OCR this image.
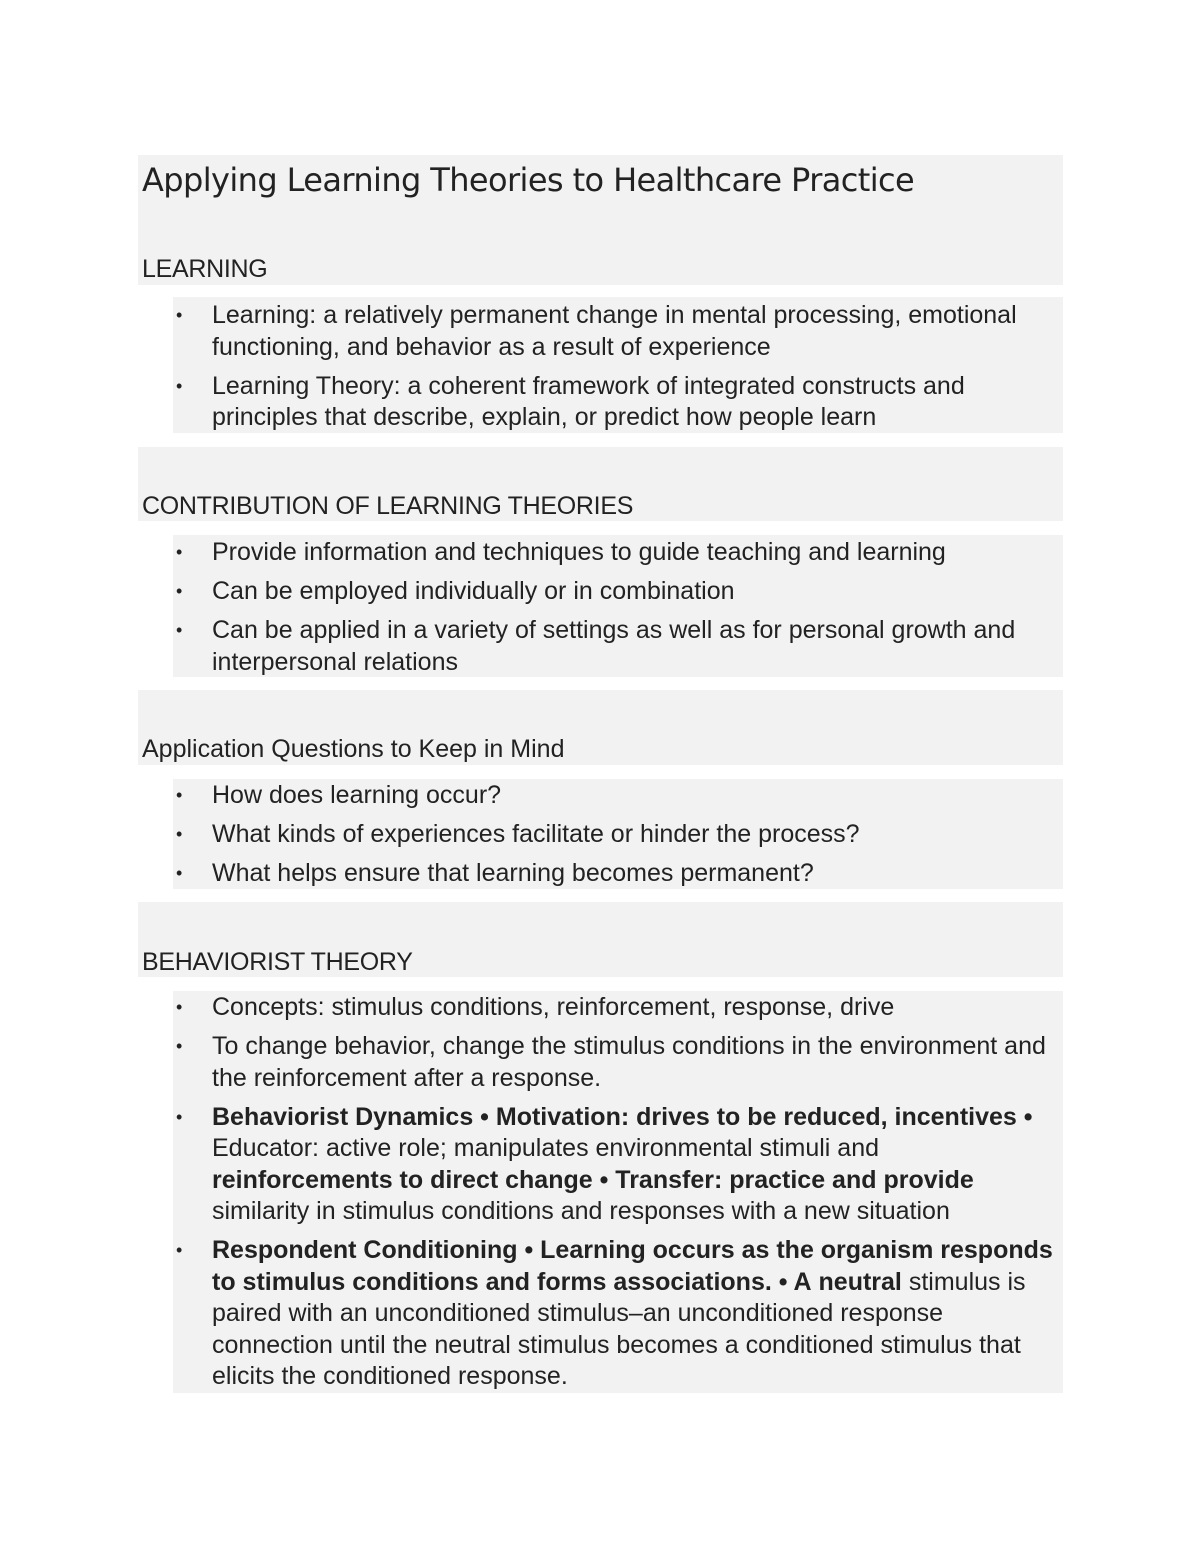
Applying Learning Theories to Healthcare Practice
LEARNING
• Learning: a relatively permanent change in mental processing, emotional functioning, and behavior as a result of experience
• Learning Theory: a coherent framework of integrated constructs and principles that describe, explain, or predict how people learn
CONTRIBUTION OF LEARNING THEORIES
• Provide information and techniques to guide teaching and learning
• Can be employed individually or in combination
• Can be applied in a variety of settings as well as for personal growth and interpersonal relations
Application Questions to Keep in Mind
• How does learning occur?
• What kinds of experiences facilitate or hinder the process?
• What helps ensure that learning becomes permanent?
BEHAVIORIST THEORY
• Concepts: stimulus conditions, reinforcement, response, drive
• To change behavior, change the stimulus conditions in the environment and the reinforcement after a response.
• Behaviorist Dynamics • Motivation: drives to be reduced, incentives •
Educator: active role; manipulates environmental stimuli and
reinforcements to direct change • Transfer: practice and provide
similarity in stimulus conditions and responses with a new situation
• Respondent Conditioning • Learning occurs as the organism responds to stimulus conditions and forms associations. • A neutral stimulus is paired with an unconditioned stimulus–an unconditioned response connection until the neutral stimulus becomes a conditioned stimulus that elicits the conditioned response.
